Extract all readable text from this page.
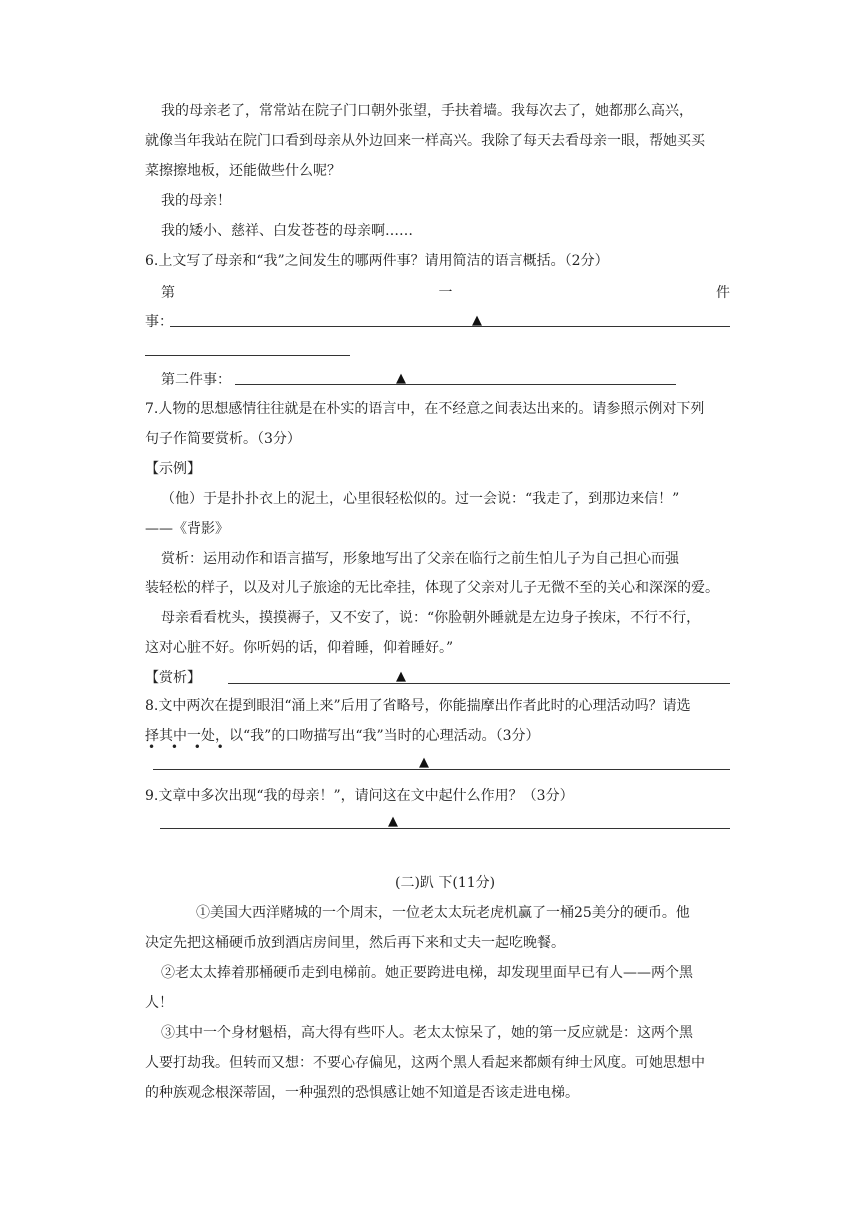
我的母亲老了，常常站在院子门口朝外张望，手扶着墙。我每次去了，她都那么高兴，
就像当年我站在院门口看到母亲从外边回来一样高兴。我除了每天去看母亲一眼，帮她买买
菜擦擦地板，还能做些什么呢？
我的母亲！
我的矮小、慈祥、白发苍苍的母亲啊……
6.上文写了母亲和“我”之间发生的哪两件事？请用简洁的语言概括。（2分）
第	一	件
事：	▲
第二件事：	▲
7.人物的思想感情往往就是在朴实的语言中，在不经意之间表达出来的。请参照示例对下列
句子作简要赏析。（3分）
【示例】
（他）于是扑扑衣上的泥土，心里很轻松似的。过一会说：“我走了，到那边来信！”
——《背影》
赏析：运用动作和语言描写，形象地写出了父亲在临行之前生怕儿子为自己担心而强
装轻松的样子，以及对儿子旅途的无比牵挂，体现了父亲对儿子无微不至的关心和深深的爱。
母亲看看枕头，摸摸褥子，又不安了，说：“你脸朝外睡就是左边身子挨床，不行不行，
这对心脏不好。你听妈的话，仰着睡，仰着睡好。”
【赏析】	▲
8.文中两次在提到眼泪“涌上来”后用了省略号，你能揣摩出作者此时的心理活动吗？请选
择其中一处，以“我”的口吻描写出“我”当时的心理活动。（3分）
• • • •
▲
9.文章中多次出现“我的母亲！”，请问这在文中起什么作用？（3分）
▲
(二)趴 下(11分)
①美国大西洋赌城的一个周末，一位老太太玩老虎机赢了一桶25美分的硬币。他
决定先把这桶硬币放到酒店房间里，然后再下来和丈夫一起吃晚餐。
②老太太捧着那桶硬币走到电梯前。她正要跨进电梯，却发现里面早已有人——两个黑
人！
③其中一个身材魁梧，高大得有些吓人。老太太惊呆了，她的第一反应就是：这两个黑
人要打劫我。但转而又想：不要心存偏见，这两个黑人看起来都颇有绅士风度。可她思想中
的种族观念根深蒂固，一种强烈的恐惧感让她不知道是否该走进电梯。
